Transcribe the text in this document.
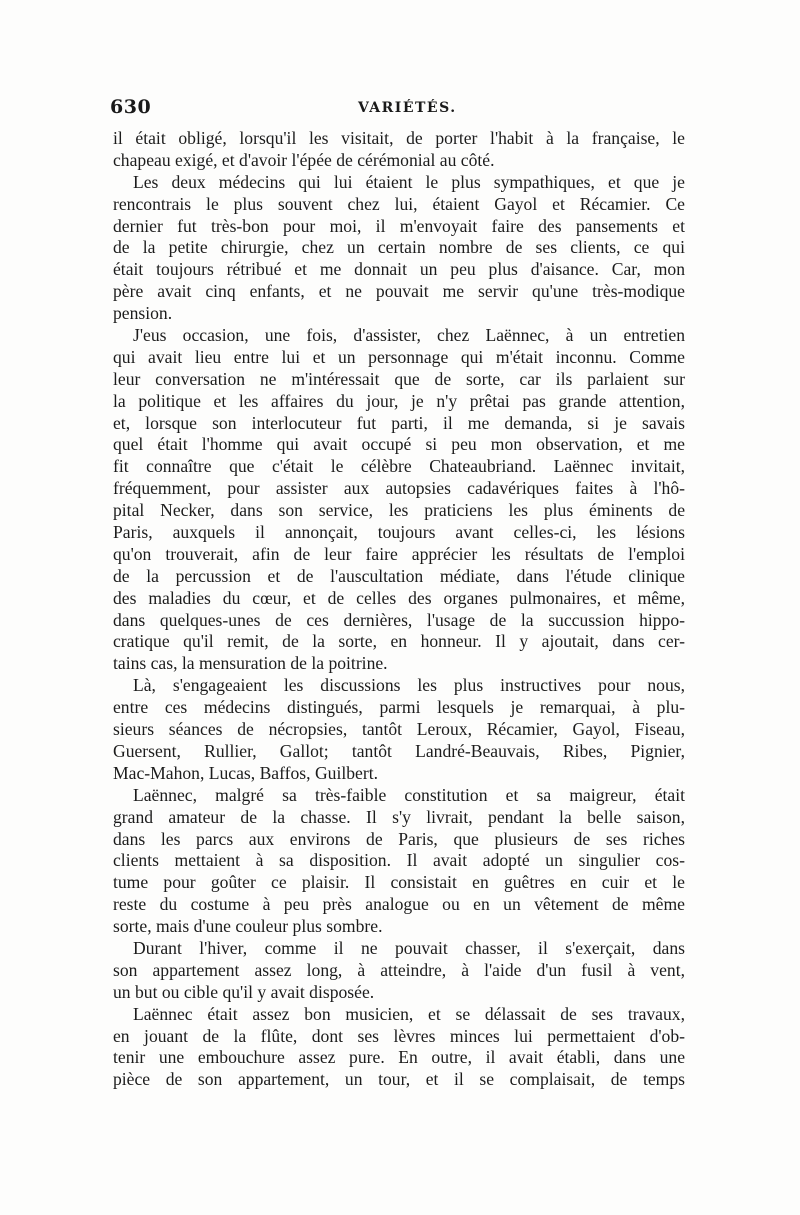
630	VARIÉTÉS.
il était obligé, lorsqu'il les visitait, de porter l'habit à la française, le
chapeau exigé, et d'avoir l'épée de cérémonial au côté.
Les deux médecins qui lui étaient le plus sympathiques, et que je
rencontrais le plus souvent chez lui, étaient Gayol et Récamier. Ce
dernier fut très-bon pour moi, il m'envoyait faire des pansements et
de la petite chirurgie, chez un certain nombre de ses clients, ce qui
était toujours rétribué et me donnait un peu plus d'aisance. Car, mon
père avait cinq enfants, et ne pouvait me servir qu'une très-modique
pension.
J'eus occasion, une fois, d'assister, chez Laënnec, à un entretien
qui avait lieu entre lui et un personnage qui m'était inconnu. Comme
leur conversation ne m'intéressait que de sorte, car ils parlaient sur
la politique et les affaires du jour, je n'y prêtai pas grande attention,
et, lorsque son interlocuteur fut parti, il me demanda, si je savais
quel était l'homme qui avait occupé si peu mon observation, et me
fit connaître que c'était le célèbre Chateaubriand. Laënnec invitait,
fréquemment, pour assister aux autopsies cadavériques faites à l'hô-
pital Necker, dans son service, les praticiens les plus éminents de
Paris, auxquels il annonçait, toujours avant celles-ci, les lésions
qu'on trouverait, afin de leur faire apprécier les résultats de l'emploi
de la percussion et de l'auscultation médiate, dans l'étude clinique
des maladies du cœur, et de celles des organes pulmonaires, et même,
dans quelques-unes de ces dernières, l'usage de la succussion hippo-
cratique qu'il remit, de la sorte, en honneur. Il y ajoutait, dans cer-
tains cas, la mensuration de la poitrine.
Là, s'engageaient les discussions les plus instructives pour nous,
entre ces médecins distingués, parmi lesquels je remarquai, à plu-
sieurs séances de nécropsies, tantôt Leroux, Récamier, Gayol, Fiseau,
Guersent, Rullier, Gallot; tantôt Landré-Beauvais, Ribes, Pignier,
Mac-Mahon, Lucas, Baffos, Guilbert.
Laënnec, malgré sa très-faible constitution et sa maigreur, était
grand amateur de la chasse. Il s'y livrait, pendant la belle saison,
dans les parcs aux environs de Paris, que plusieurs de ses riches
clients mettaient à sa disposition. Il avait adopté un singulier cos-
tume pour goûter ce plaisir. Il consistait en guêtres en cuir et le
reste du costume à peu près analogue ou en un vêtement de même
sorte, mais d'une couleur plus sombre.
Durant l'hiver, comme il ne pouvait chasser, il s'exerçait, dans
son appartement assez long, à atteindre, à l'aide d'un fusil à vent,
un but ou cible qu'il y avait disposée.
Laënnec était assez bon musicien, et se délassait de ses travaux,
en jouant de la flûte, dont ses lèvres minces lui permettaient d'ob-
tenir une embouchure assez pure. En outre, il avait établi, dans une
pièce de son appartement, un tour, et il se complaisait, de temps
